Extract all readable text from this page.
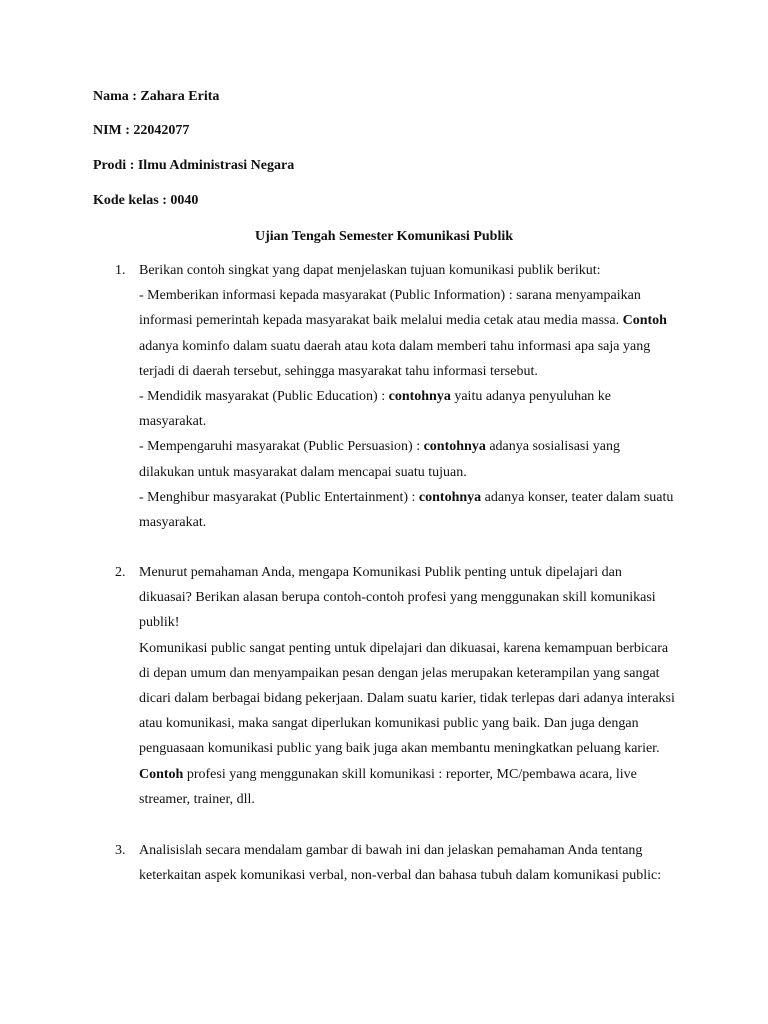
Nama : Zahara Erita

NIM : 22042077

Prodi : Ilmu Administrasi Negara

Kode kelas : 0040

Ujian Tengah Semester Komunikasi Publik

1. Berikan contoh singkat yang dapat menjelaskan tujuan komunikasi publik berikut:

- Memberikan informasi kepada masyarakat (Public Information) : sarana menyampaikan informasi pemerintah kepada masyarakat baik melalui media cetak atau media massa. Contoh adanya kominfo dalam suatu daerah atau kota dalam memberi tahu informasi apa saja yang terjadi di daerah tersebut, sehingga masyarakat tahu informasi tersebut.

- Mendidik masyarakat (Public Education) : contohnya yaitu adanya penyuluhan ke masyarakat.

- Mempengaruhi masyarakat (Public Persuasion) : contohnya adanya sosialisasi yang dilakukan untuk masyarakat dalam mencapai suatu tujuan.

- Menghibur masyarakat (Public Entertainment) : contohnya adanya konser, teater dalam suatu masyarakat.

2. Menurut pemahaman Anda, mengapa Komunikasi Publik penting untuk dipelajari dan dikuasai? Berikan alasan berupa contoh-contoh profesi yang menggunakan skill komunikasi publik!

Komunikasi public sangat penting untuk dipelajari dan dikuasai, karena kemampuan berbicara di depan umum dan menyampaikan pesan dengan jelas merupakan keterampilan yang sangat dicari dalam berbagai bidang pekerjaan. Dalam suatu karier, tidak terlepas dari adanya interaksi atau komunikasi, maka sangat diperlukan komunikasi public yang baik. Dan juga dengan penguasaan komunikasi public yang baik juga akan membantu meningkatkan peluang karier.

Contoh profesi yang menggunakan skill komunikasi : reporter, MC/pembawa acara, live streamer, trainer, dll.

3. Analisislah secara mendalam gambar di bawah ini dan jelaskan pemahaman Anda tentang keterkaitan aspek komunikasi verbal, non-verbal dan bahasa tubuh dalam komunikasi public:
